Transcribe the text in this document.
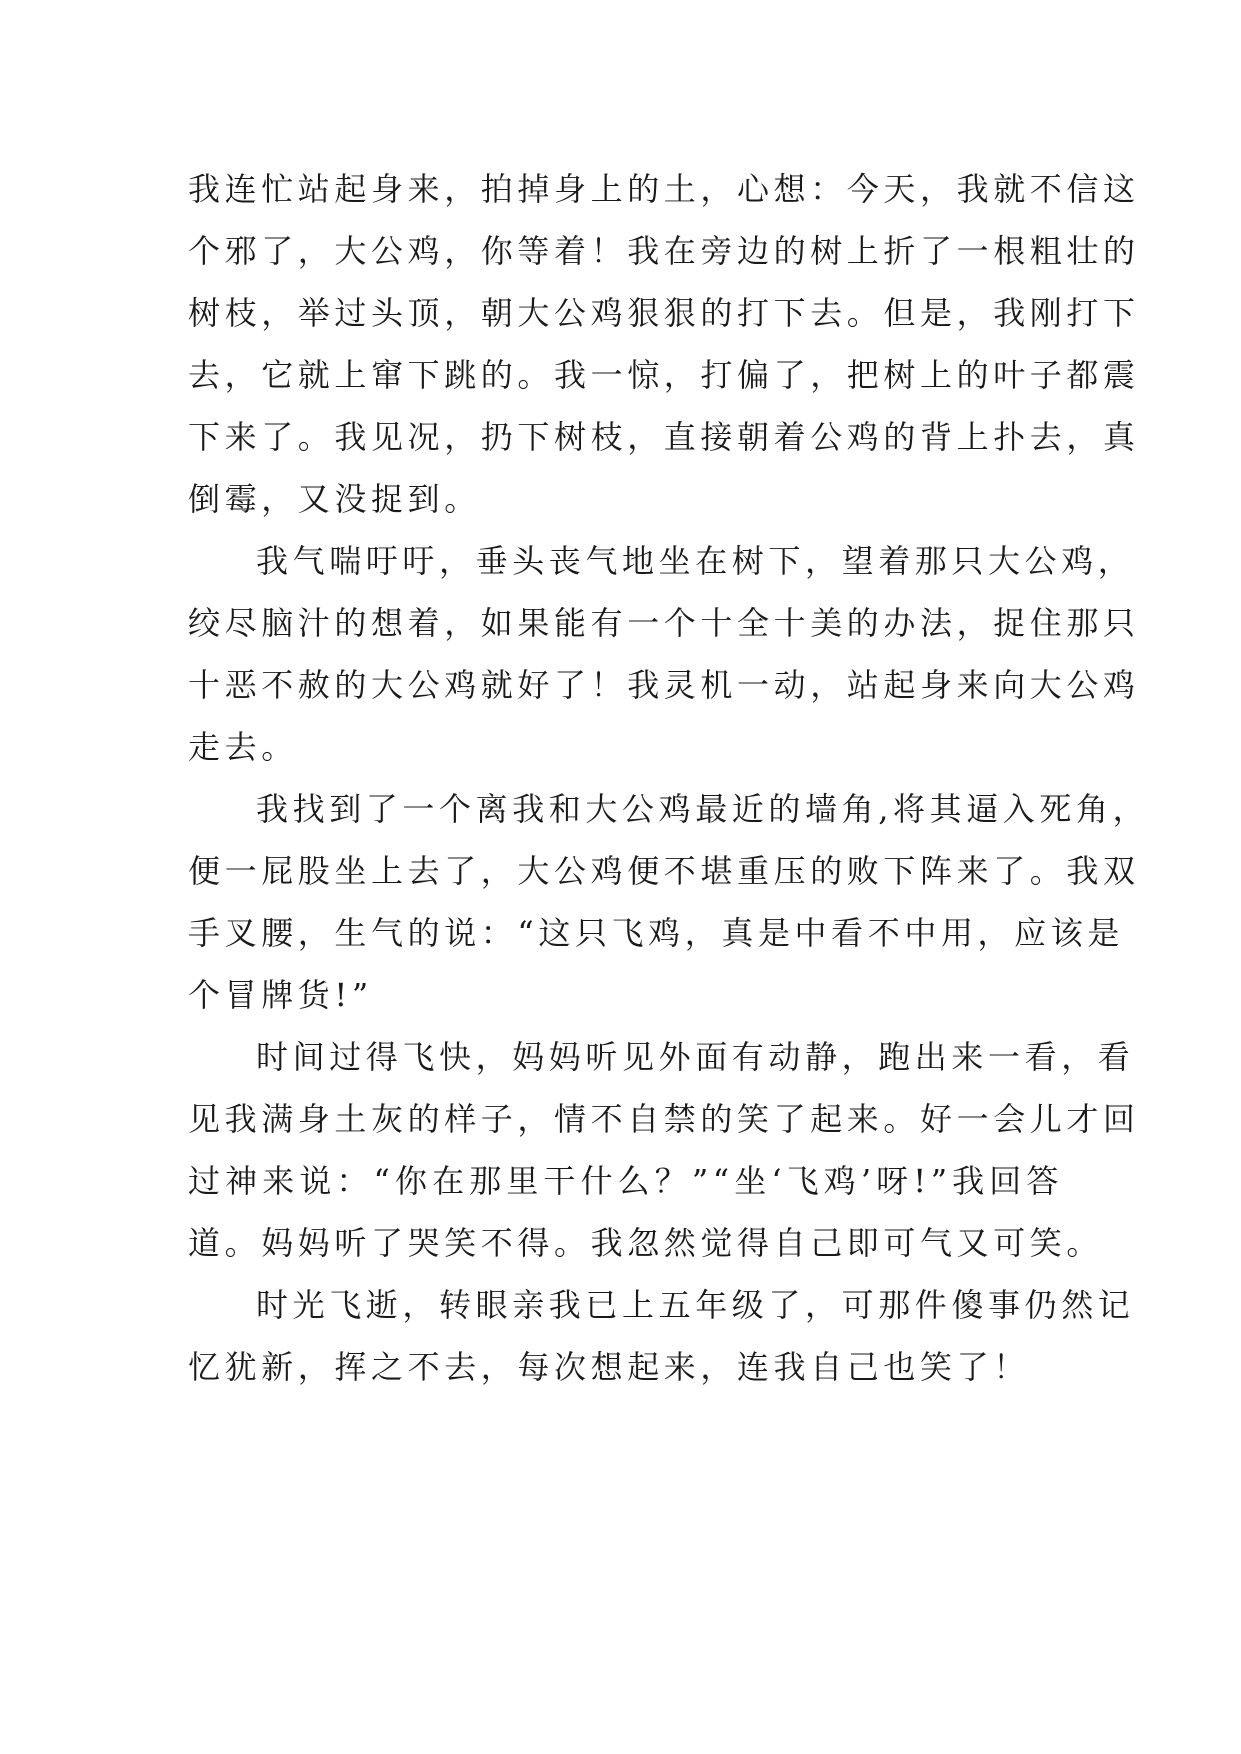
我连忙站起身来，拍掉身上的土，心想：今天，我就不信这
个邪了，大公鸡，你等着！我在旁边的树上折了一根粗壮的
树枝，举过头顶，朝大公鸡狠狠的打下去。但是，我刚打下
去，它就上窜下跳的。我一惊，打偏了，把树上的叶子都震
下来了。我见况，扔下树枝，直接朝着公鸡的背上扑去，真
倒霉，又没捉到。
我气喘吁吁，垂头丧气地坐在树下，望着那只大公鸡，
绞尽脑汁的想着，如果能有一个十全十美的办法，捉住那只
十恶不赦的大公鸡就好了！我灵机一动，站起身来向大公鸡
走去。
我找到了一个离我和大公鸡最近的墙角,将其逼入死角，
便一屁股坐上去了，大公鸡便不堪重压的败下阵来了。我双
手叉腰，生气的说：“这只飞鸡，真是中看不中用，应该是
个冒牌货!”
时间过得飞快，妈妈听见外面有动静，跑出来一看，看
见我满身土灰的样子，情不自禁的笑了起来。好一会儿才回
过神来说：“你在那里干什么？”“坐‘飞鸡’呀!”我回答
道。妈妈听了哭笑不得。我忽然觉得自己即可气又可笑。
时光飞逝，转眼亲我已上五年级了，可那件傻事仍然记
忆犹新，挥之不去，每次想起来，连我自己也笑了！
